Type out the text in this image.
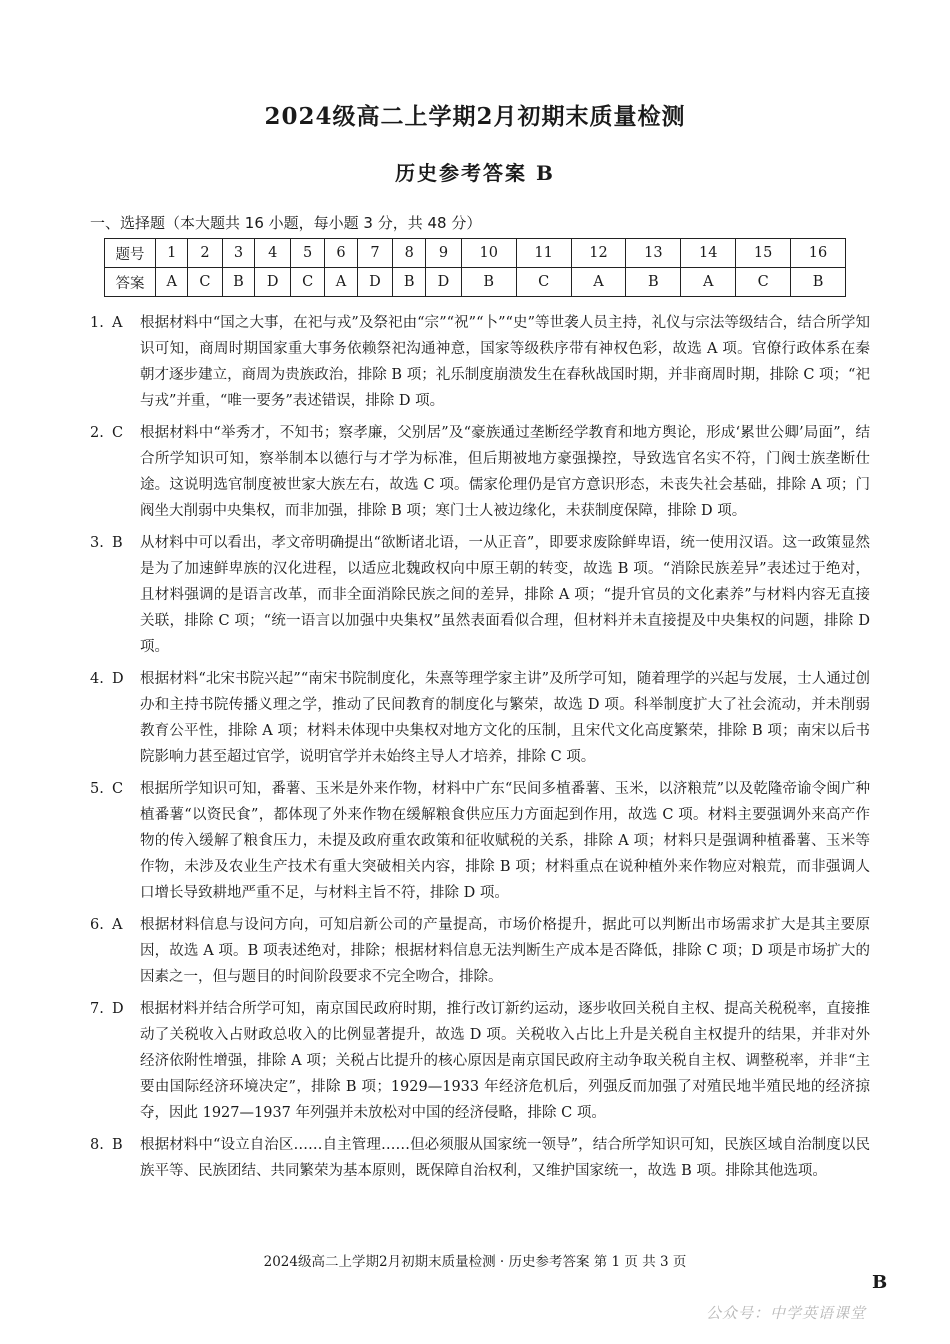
2024级高二上学期2月初期末质量检测
历史参考答案 B
一、选择题（本大题共 16 小题，每小题 3 分，共 48 分）
题号	1	2	3	4	5	6	7	8	9	10	11	12	13	14	15	16
答案	A	C	B	D	C	A	D	B	D	B	C	A	B	A	C	B
1. A	根据材料中“国之大事，在祀与戎”及祭祀由“宗”“祝”“卜”“史”等世袭人员主持，礼仪与宗法等级结合，结合所学知识可知，商周时期国家重大事务依赖祭祀沟通神意，国家等级秩序带有神权色彩，故选 A 项。官僚行政体系在秦朝才逐步建立，商周为贵族政治，排除 B 项；礼乐制度崩溃发生在春秋战国时期，并非商周时期，排除 C 项；“祀与戎”并重，“唯一要务”表述错误，排除 D 项。
2. C	根据材料中“举秀才，不知书；察孝廉，父别居”及“豪族通过垄断经学教育和地方舆论，形成‘累世公卿’局面”，结合所学知识可知，察举制本以德行与才学为标准，但后期被地方豪强操控，导致选官名实不符，门阀士族垄断仕途。这说明选官制度被世家大族左右，故选 C 项。儒家伦理仍是官方意识形态，未丧失社会基础，排除 A 项；门阀坐大削弱中央集权，而非加强，排除 B 项；寒门士人被边缘化，未获制度保障，排除 D 项。
3. B	从材料中可以看出，孝文帝明确提出“欲断诸北语，一从正音”，即要求废除鲜卑语，统一使用汉语。这一政策显然是为了加速鲜卑族的汉化进程，以适应北魏政权向中原王朝的转变，故选 B 项。“消除民族差异”表述过于绝对，且材料强调的是语言改革，而非全面消除民族之间的差异，排除 A 项；“提升官员的文化素养”与材料内容无直接关联，排除 C 项；“统一语言以加强中央集权”虽然表面看似合理，但材料并未直接提及中央集权的问题，排除 D 项。
4. D	根据材料“北宋书院兴起”“南宋书院制度化，朱熹等理学家主讲”及所学可知，随着理学的兴起与发展，士人通过创办和主持书院传播义理之学，推动了民间教育的制度化与繁荣，故选 D 项。科举制度扩大了社会流动，并未削弱教育公平性，排除 A 项；材料未体现中央集权对地方文化的压制，且宋代文化高度繁荣，排除 B 项；南宋以后书院影响力甚至超过官学，说明官学并未始终主导人才培养，排除 C 项。
5. C	根据所学知识可知，番薯、玉米是外来作物，材料中广东“民间多植番薯、玉米，以济粮荒”以及乾隆帝谕令闽广种植番薯“以资民食”，都体现了外来作物在缓解粮食供应压力方面起到作用，故选 C 项。材料主要强调外来高产作物的传入缓解了粮食压力，未提及政府重农政策和征收赋税的关系，排除 A 项；材料只是强调种植番薯、玉米等作物，未涉及农业生产技术有重大突破相关内容，排除 B 项；材料重点在说种植外来作物应对粮荒，而非强调人口增长导致耕地严重不足，与材料主旨不符，排除 D 项。
6. A	根据材料信息与设问方向，可知启新公司的产量提高，市场价格提升，据此可以判断出市场需求扩大是其主要原因，故选 A 项。B 项表述绝对，排除；根据材料信息无法判断生产成本是否降低，排除 C 项；D 项是市场扩大的因素之一，但与题目的时间阶段要求不完全吻合，排除。
7. D	根据材料并结合所学可知，南京国民政府时期，推行改订新约运动，逐步收回关税自主权、提高关税税率，直接推动了关税收入占财政总收入的比例显著提升，故选 D 项。关税收入占比上升是关税自主权提升的结果，并非对外经济依附性增强，排除 A 项；关税占比提升的核心原因是南京国民政府主动争取关税自主权、调整税率，并非“主要由国际经济环境决定”，排除 B 项；1929—1933 年经济危机后，列强反而加强了对殖民地半殖民地的经济掠夺，因此 1927—1937 年列强并未放松对中国的经济侵略，排除 C 项。
8. B	根据材料中“设立自治区……自主管理……但必须服从国家统一领导”，结合所学知识可知，民族区域自治制度以民族平等、民族团结、共同繁荣为基本原则，既保障自治权利，又维护国家统一，故选 B 项。排除其他选项。
2024级高二上学期2月初期末质量检测 · 历史参考答案 第 1 页 共 3 页
B
公众号：中学英语课堂
